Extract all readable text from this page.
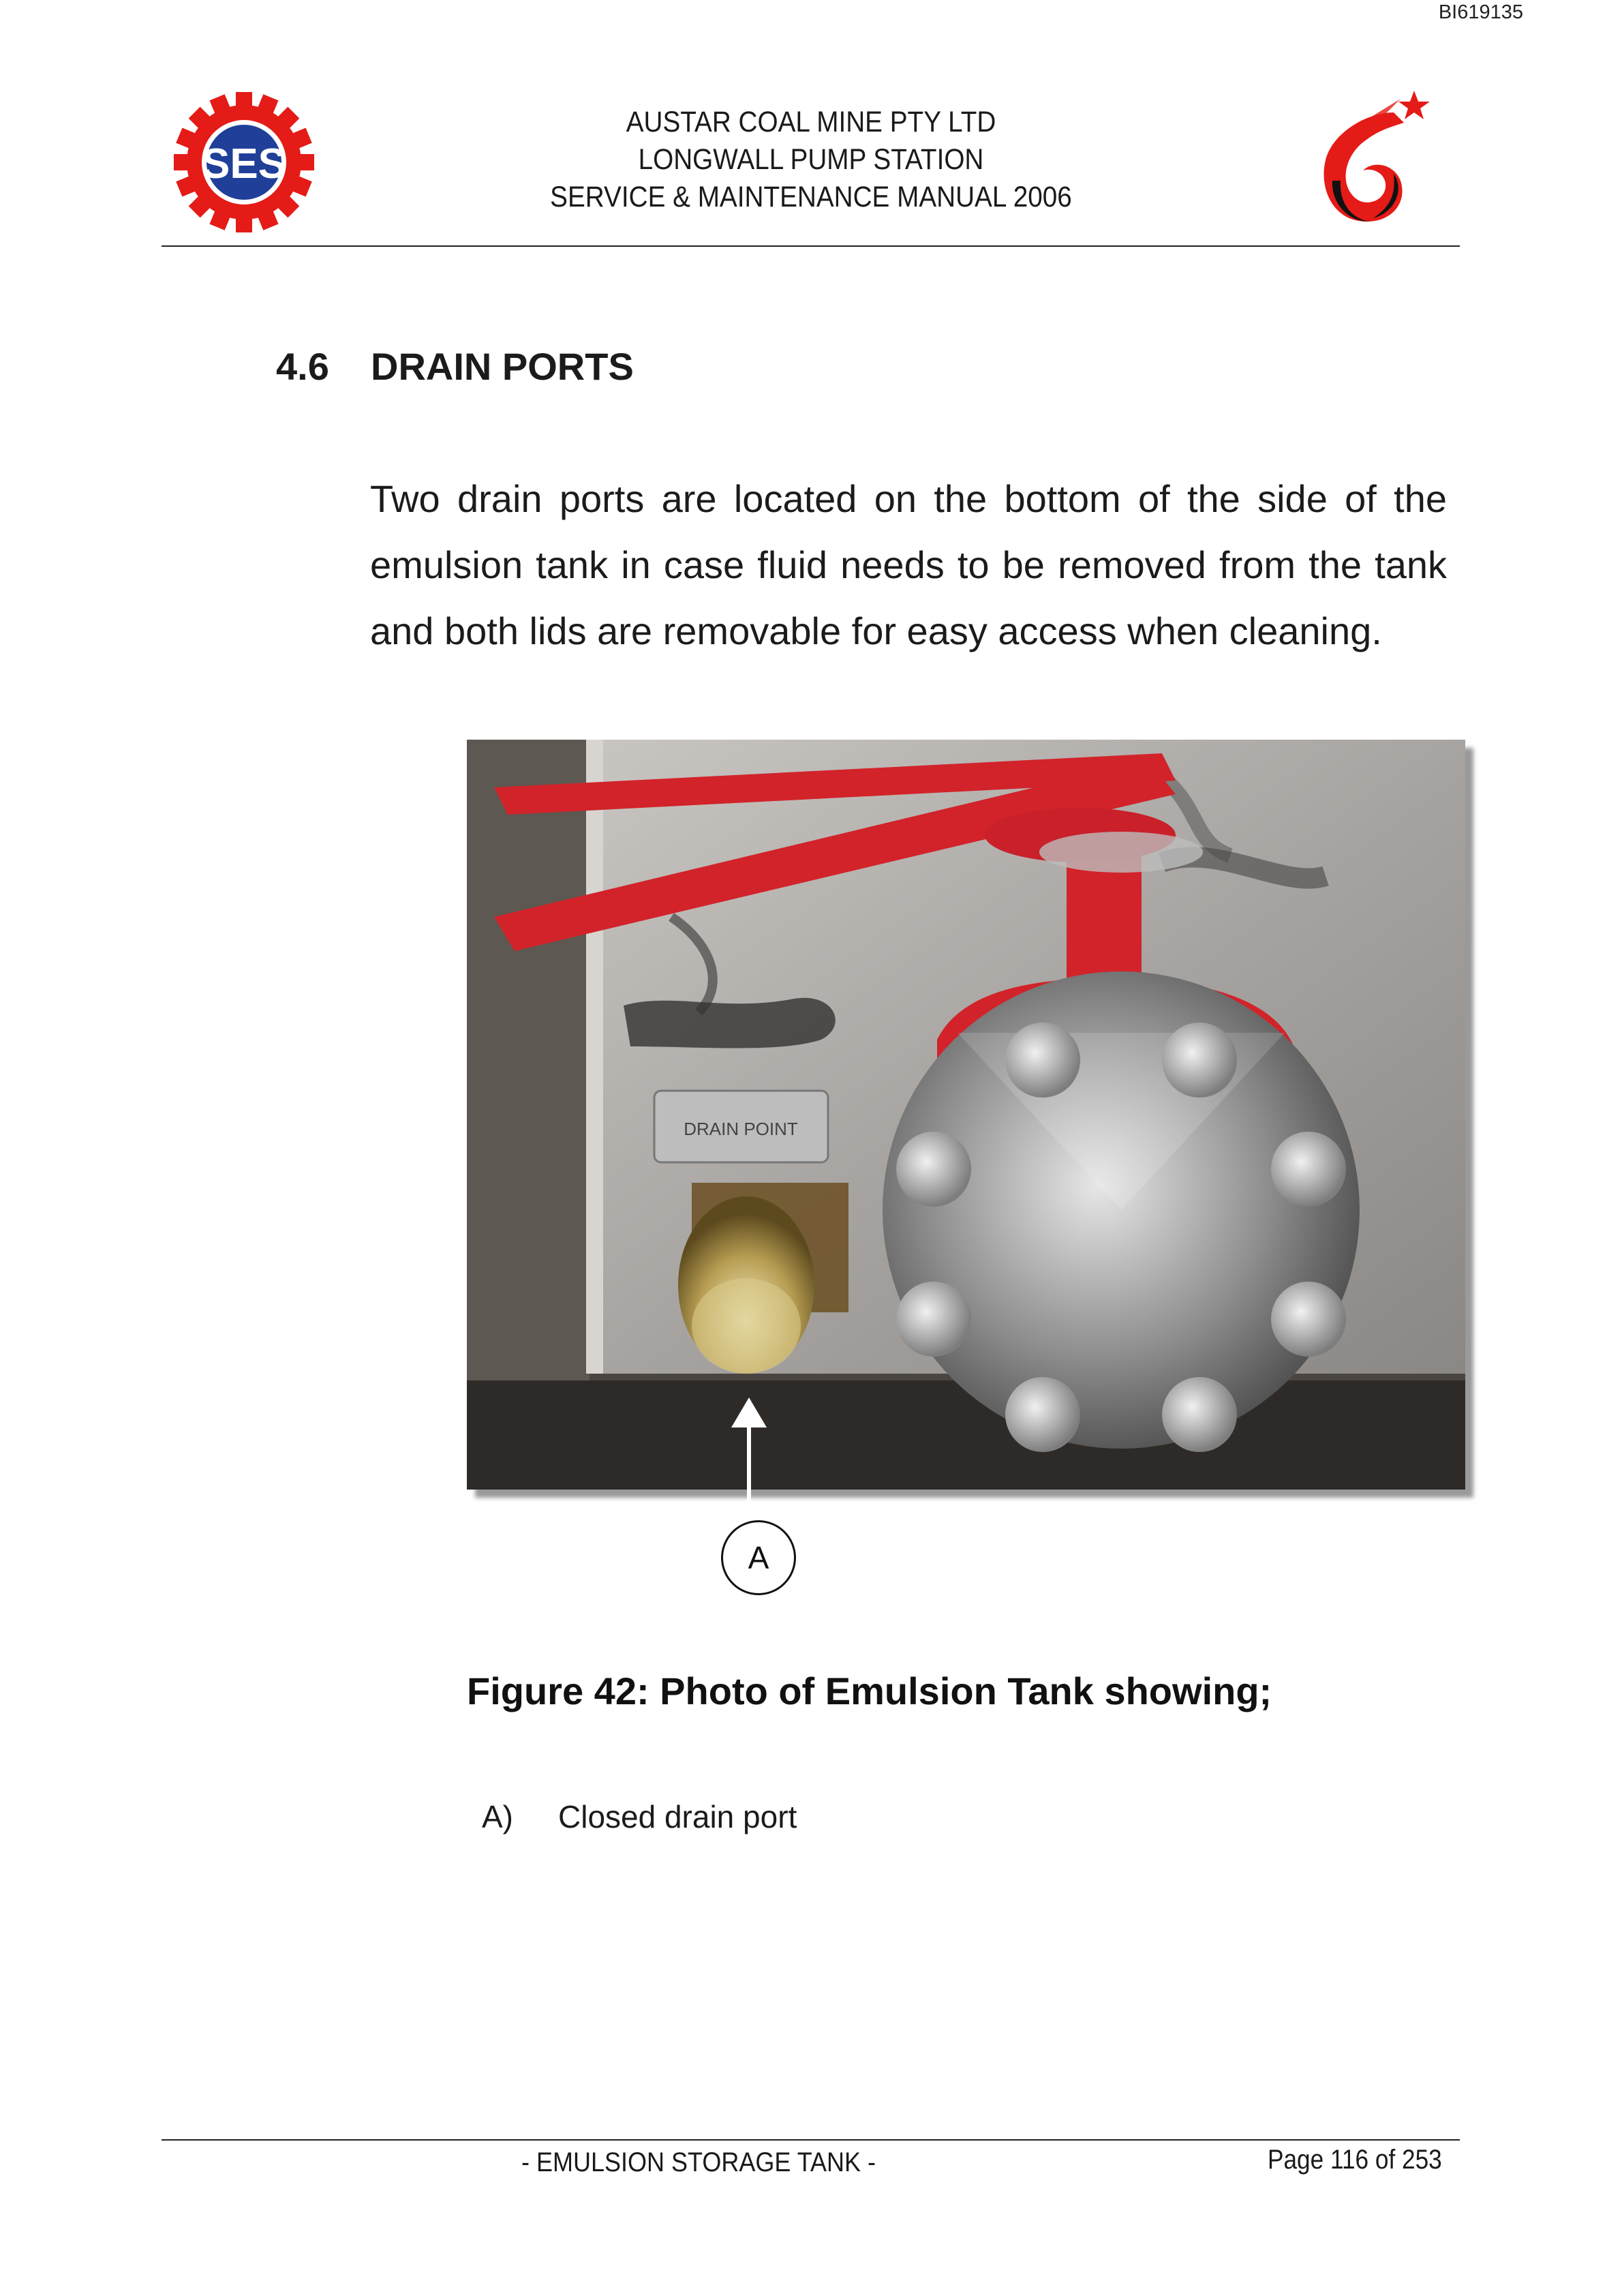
BI619135
SES
AUSTAR COAL MINE PTY LTD
LONGWALL PUMP STATION
SERVICE & MAINTENANCE MANUAL 2006
4.6 DRAIN PORTS
Two drain ports are located on the bottom of the side of the emulsion tank in case fluid needs to be removed from the tank and both lids are removable for easy access when cleaning.
DRAIN POINT
A
Figure 42: Photo of Emulsion Tank showing;
A) Closed drain port
- EMULSION STORAGE TANK -	Page 116 of 253
